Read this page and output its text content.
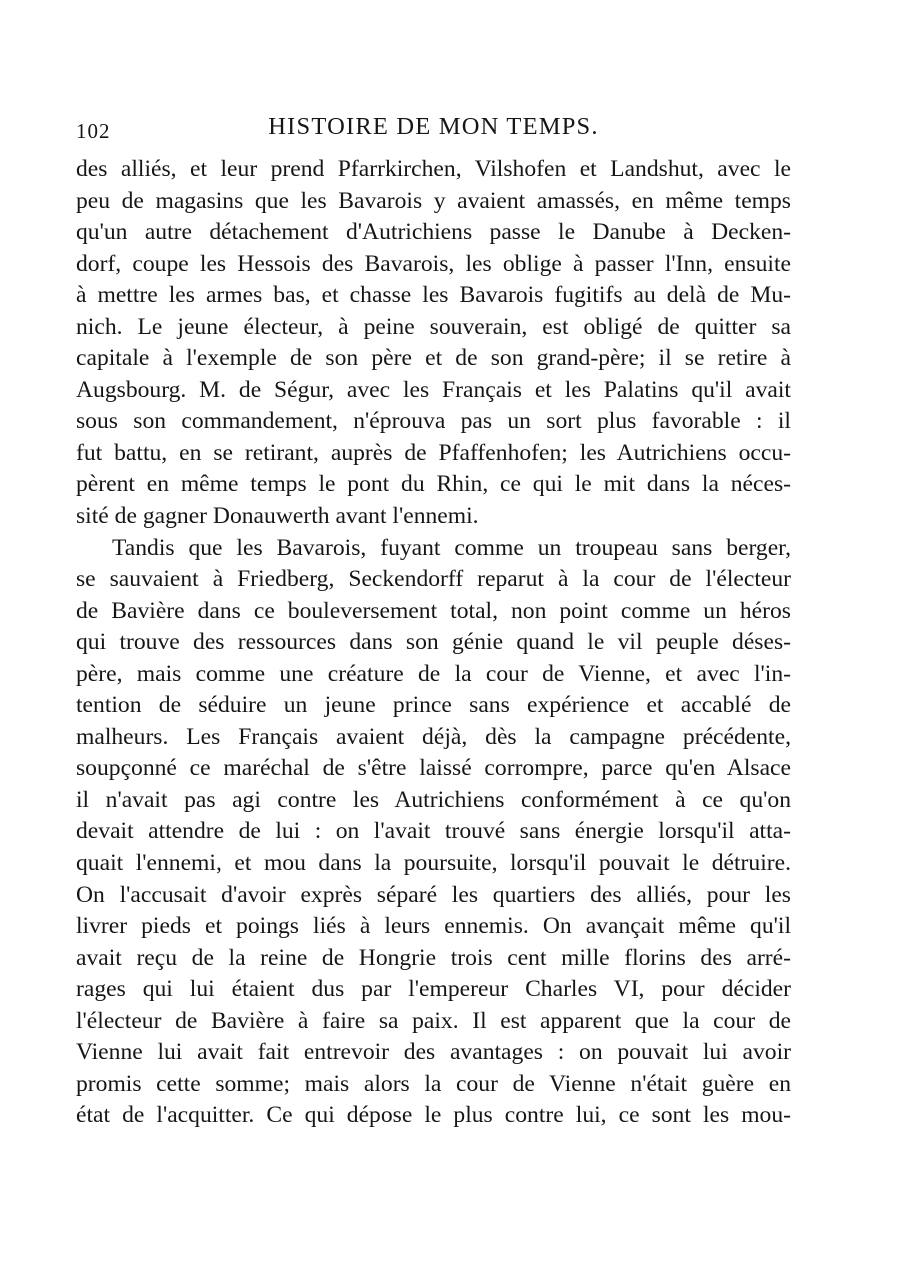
102	HISTOIRE DE MON TEMPS.
des alliés, et leur prend Pfarrkirchen, Vilshofen et Landshut, avec le
peu de magasins que les Bavarois y avaient amassés, en même temps
qu'un autre détachement d'Autrichiens passe le Danube à Decken-
dorf, coupe les Hessois des Bavarois, les oblige à passer l'Inn, ensuite
à mettre les armes bas, et chasse les Bavarois fugitifs au delà de Mu-
nich. Le jeune électeur, à peine souverain, est obligé de quitter sa
capitale à l'exemple de son père et de son grand-père; il se retire à
Augsbourg. M. de Ségur, avec les Français et les Palatins qu'il avait
sous son commandement, n'éprouva pas un sort plus favorable : il
fut battu, en se retirant, auprès de Pfaffenhofen; les Autrichiens occu-
pèrent en même temps le pont du Rhin, ce qui le mit dans la néces-
sité de gagner Donauwerth avant l'ennemi.
Tandis que les Bavarois, fuyant comme un troupeau sans berger,
se sauvaient à Friedberg, Seckendorff reparut à la cour de l'électeur
de Bavière dans ce bouleversement total, non point comme un héros
qui trouve des ressources dans son génie quand le vil peuple déses-
père, mais comme une créature de la cour de Vienne, et avec l'in-
tention de séduire un jeune prince sans expérience et accablé de
malheurs. Les Français avaient déjà, dès la campagne précédente,
soupçonné ce maréchal de s'être laissé corrompre, parce qu'en Alsace
il n'avait pas agi contre les Autrichiens conformément à ce qu'on
devait attendre de lui : on l'avait trouvé sans énergie lorsqu'il atta-
quait l'ennemi, et mou dans la poursuite, lorsqu'il pouvait le détruire.
On l'accusait d'avoir exprès séparé les quartiers des alliés, pour les
livrer pieds et poings liés à leurs ennemis. On avançait même qu'il
avait reçu de la reine de Hongrie trois cent mille florins des arré-
rages qui lui étaient dus par l'empereur Charles VI, pour décider
l'électeur de Bavière à faire sa paix. Il est apparent que la cour de
Vienne lui avait fait entrevoir des avantages : on pouvait lui avoir
promis cette somme; mais alors la cour de Vienne n'était guère en
état de l'acquitter. Ce qui dépose le plus contre lui, ce sont les mou-
